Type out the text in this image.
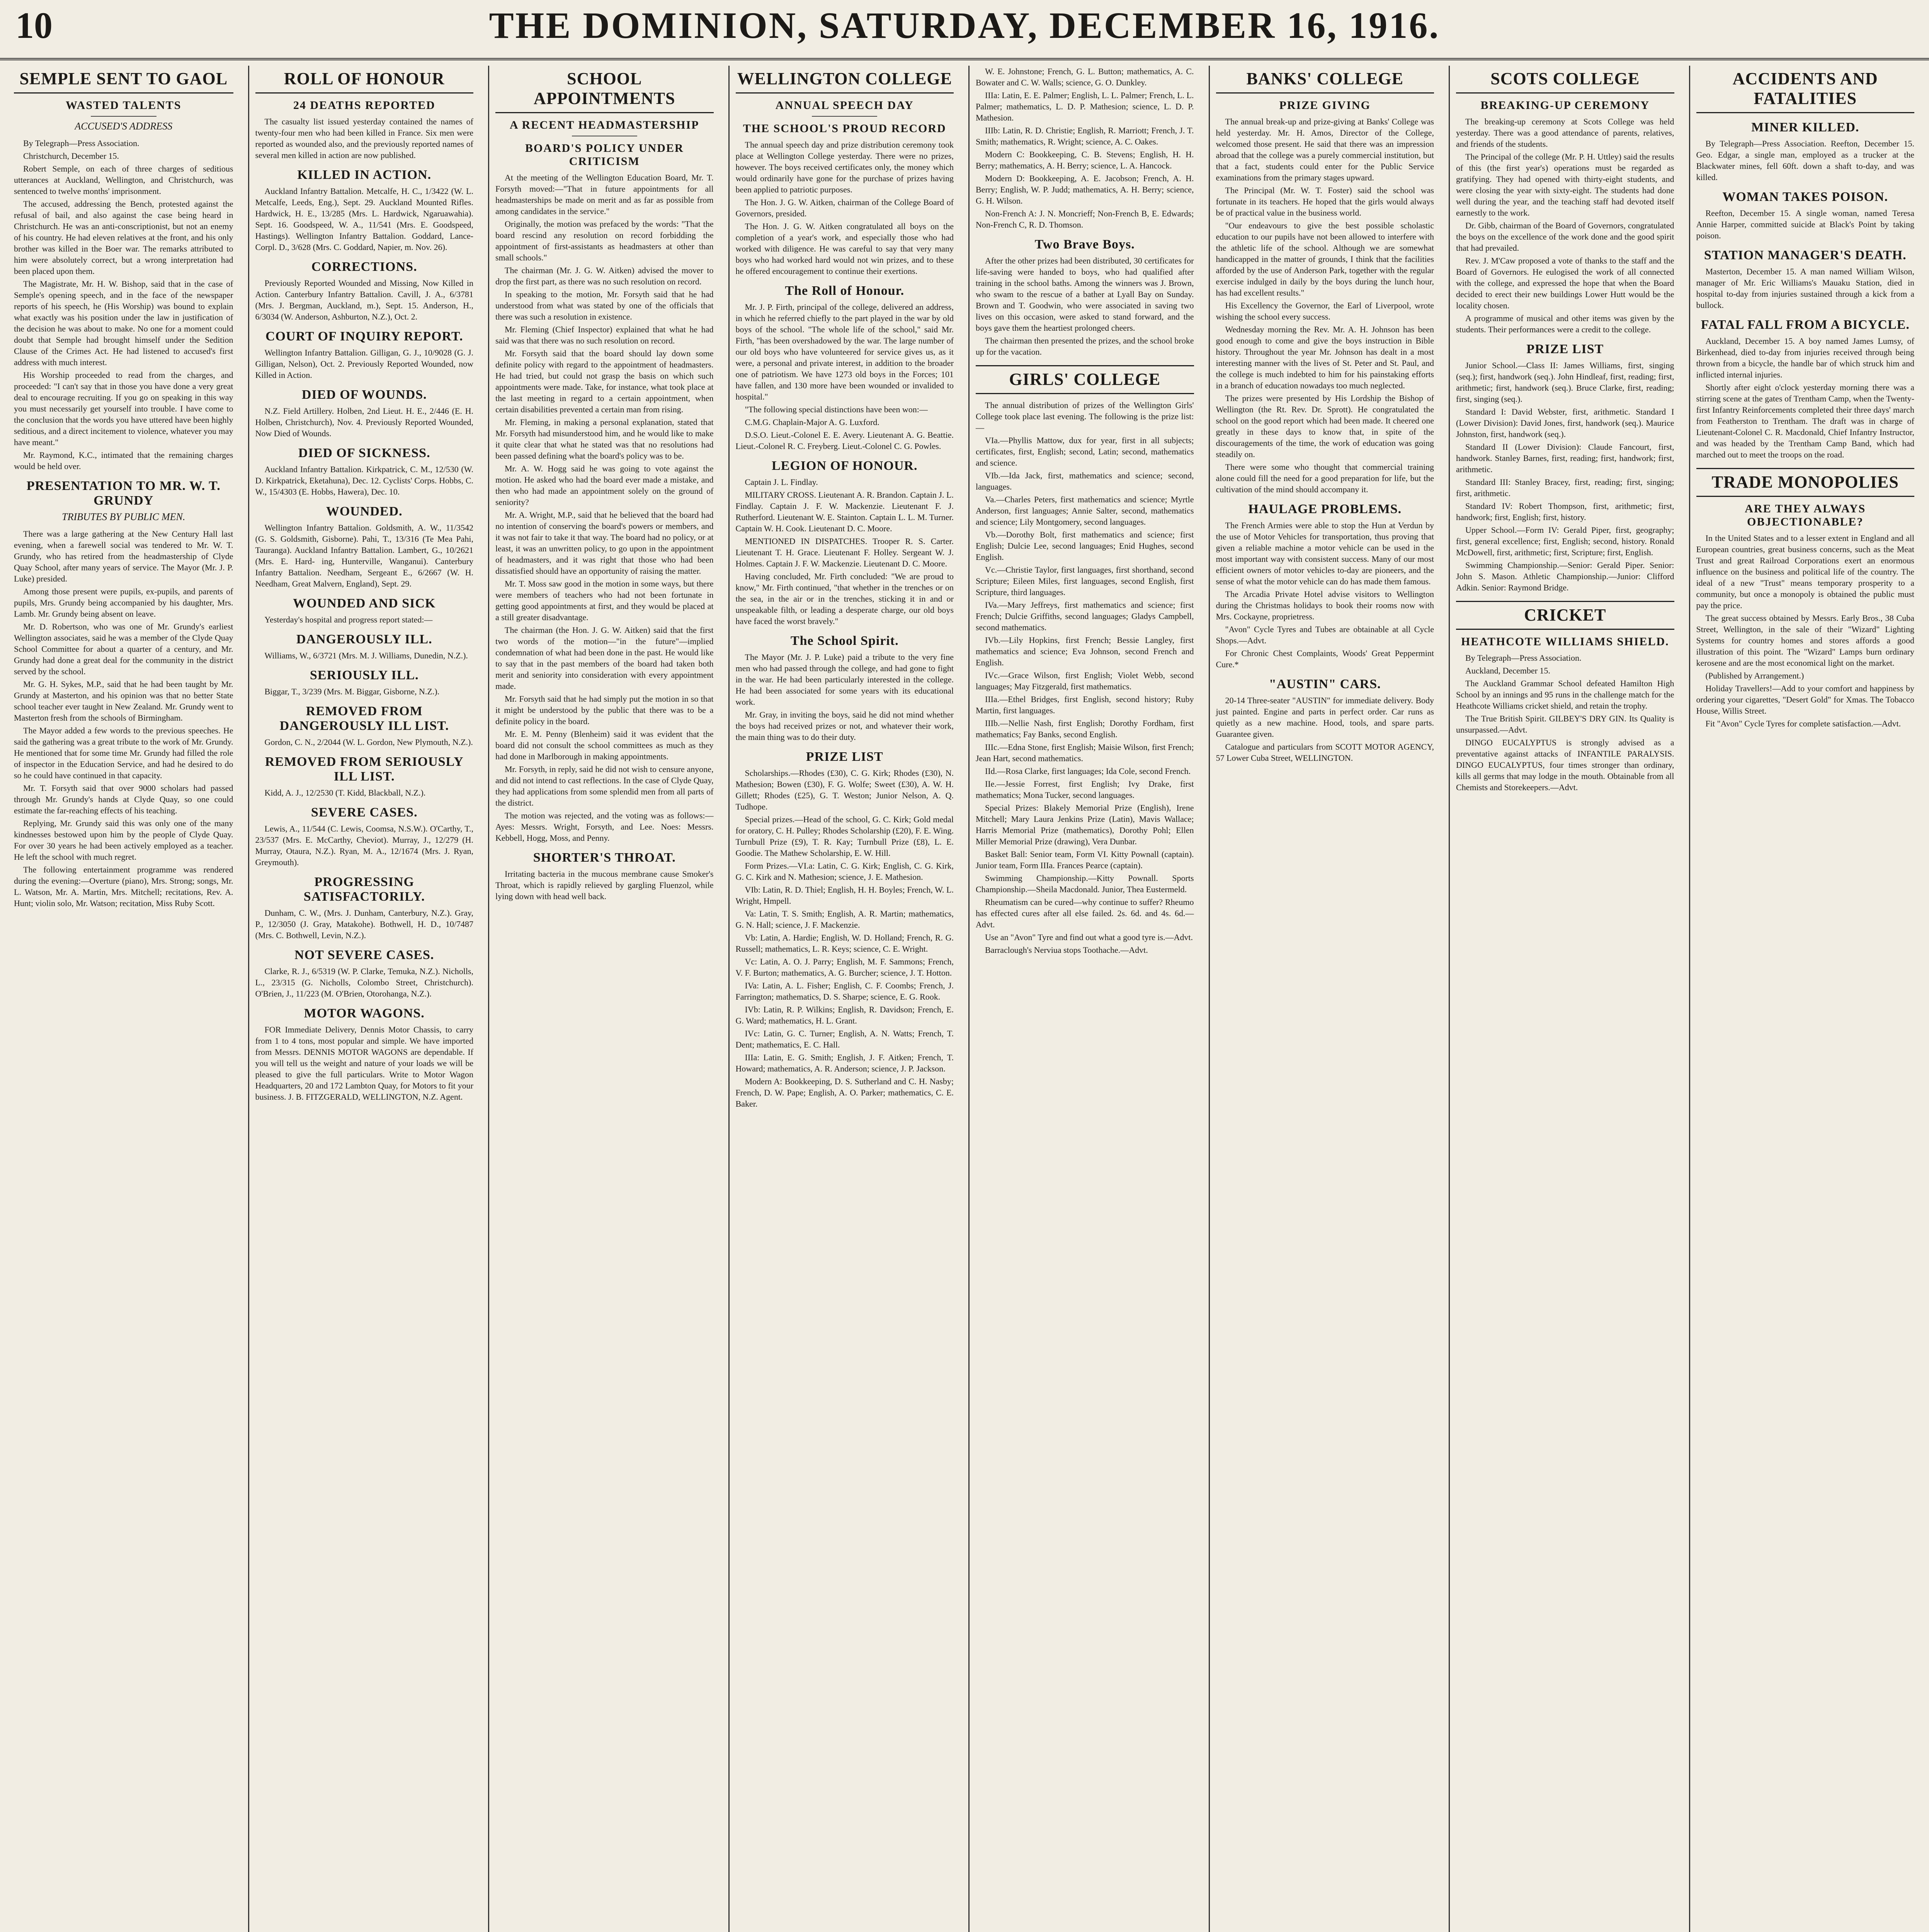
10	THE DOMINION, SATURDAY, DECEMBER 16, 1916.
SEMPLE SENT TO GAOL
WASTED TALENTS
ACCUSED'S ADDRESS

By Telegraph—Press Association.

Christchurch, December 15.

Robert Semple, on each of three charges of seditious utterances at Auckland, Wellington, and Christchurch, was sentenced to twelve months' imprisonment.

The accused, addressing the Bench, protested against the refusal of bail, and also against the case being heard in Christchurch. He was an anti-conscriptionist, but not an enemy of his country. He had eleven relatives at the front, and his only brother was killed in the Boer war. The remarks attributed to him were absolutely correct, but a wrong interpretation had been placed upon them.

The Magistrate, Mr. H. W. Bishop, said that in the case of Semple's opening speech, and in the face of the newspaper reports of his speech, he (His Worship) was bound to explain what exactly was his position under the law in justification of the decision he was about to make. No one for a moment could doubt that Semple had brought himself under the Sedition Clause of the Crimes Act. He had listened to accused's first address with much interest.

His Worship proceeded to read from the charges, and proceeded: "I can't say that in those you have done a very great deal to encourage recruiting. If you go on speaking in this way you must necessarily get yourself into trouble. I have come to the conclusion that the words you have uttered have been highly seditious, and a direct incitement to violence, whatever you may have meant."

Mr. Raymond, K.C., intimated that the remaining charges would be held over.

PRESENTATION TO MR. W. T. GRUNDY
TRIBUTES BY PUBLIC MEN.

There was a large gathering at the New Century Hall last evening, when a farewell social was tendered to Mr. W. T. Grundy, who has retired from the headmastership of Clyde Quay School, after many years of service. The Mayor (Mr. J. P. Luke) presided.

Among those present were pupils, ex-pupils, and parents of pupils, Mrs. Grundy being accompanied by his daughter, Mrs. Lamb. Mr. Grundy being absent on leave.

Mr. D. Robertson, who was one of Mr. Grundy's earliest Wellington associates, said he was a member of the Clyde Quay School Committee for about a quarter of a century, and Mr. Grundy had done a great deal for the community in the district served by the school.

Mr. G. H. Sykes, M.P., said that he had been taught by Mr. Grundy at Masterton, and his opinion was that no better State school teacher ever taught in New Zealand. Mr. Grundy went to Masterton fresh from the schools of Birmingham.

The Mayor added a few words to the previous speeches. He said the gathering was a great tribute to the work of Mr. Grundy. He mentioned that for some time Mr. Grundy had filled the role of inspector in the Education Service, and had he desired to do so he could have continued in that capacity.

Mr. T. Forsyth said that over 9000 scholars had passed through Mr. Grundy's hands at Clyde Quay, so one could estimate the far-reaching effects of his teaching.

Replying, Mr. Grundy said this was only one of the many kindnesses bestowed upon him by the people of Clyde Quay. For over 30 years he had been actively employed as a teacher. He left the school with much regret.

The following entertainment programme was rendered during the evening:—Overture (piano), Mrs. Strong; songs, Mr. L. Watson, Mr. A. Martin, Mrs. Mitchell; recitations, Rev. A. Hunt; violin solo, Mr. Watson; recitation, Miss Ruby Scott.

ROLL OF HONOUR
24 DEATHS REPORTED

The casualty list issued yesterday contained the names of twenty-four men who had been killed in France. Six men were reported as wounded also, and the previously reported names of several men killed in action are now published.

KILLED IN ACTION.

Auckland Infantry Battalion. Metcalfe, H. C., 1/3422 (W. L. Metcalfe, Leeds, Eng.), Sept. 29. Auckland Mounted Rifles. Hardwick, H. E., 13/285 (Mrs. L. Hardwick, Ngaruawahia). Sept. 16. Goodspeed, W. A., 11/541 (Mrs. E. Goodspeed, Hastings). Wellington Infantry Battalion. Goddard, Lance-Corpl. D., 3/628 (Mrs. C. Goddard, Napier, m. Nov. 26).

CORRECTIONS.

Previously Reported Wounded and Missing, Now Killed in Action. Canterbury Infantry Battalion. Cavill, J. A., 6/3781 (Mrs. J. Bergman, Auckland, m.), Sept. 15. Anderson, H., 6/3034 (W. Anderson, Ashburton, N.Z.), Oct. 2.

COURT OF INQUIRY REPORT.

Wellington Infantry Battalion. Gilligan, G. J., 10/9028 (G. J. Gilligan, Nelson), Oct. 2. Previously Reported Wounded, now Killed in Action.

DIED OF WOUNDS.

N.Z. Field Artillery. Holben, 2nd Lieut. H. E., 2/446 (E. H. Holben, Christchurch), Nov. 4. Previously Reported Wounded, Now Died of Wounds.

DIED OF SICKNESS.

Auckland Infantry Battalion. Kirkpatrick, C. M., 12/530 (W. D. Kirkpatrick, Eketahuna), Dec. 12. Cyclists' Corps. Hobbs, C. W., 15/4303 (E. Hobbs, Hawera), Dec. 10.

WOUNDED.

Wellington Infantry Battalion. Goldsmith, A. W., 11/3542 (G. S. Goldsmith, Gisborne). Pahi, T., 13/316 (Te Mea Pahi, Tauranga). Auckland Infantry Battalion. Lambert, G., 10/2621 (Mrs. E. Hard- ing, Hunterville, Wanganui). Canterbury Infantry Battalion. Needham, Sergeant E., 6/2667 (W. H. Needham, Great Malvern, England), Sept. 29.

WOUNDED AND SICK

Yesterday's hospital and progress report stated:—

DANGEROUSLY ILL.

Williams, W., 6/3721 (Mrs. M. J. Williams, Dunedin, N.Z.).

SERIOUSLY ILL.

Biggar, T., 3/239 (Mrs. M. Biggar, Gisborne, N.Z.).

REMOVED FROM DANGEROUSLY ILL LIST.

Gordon, C. N., 2/2044 (W. L. Gordon, New Plymouth, N.Z.).

REMOVED FROM SERIOUSLY ILL LIST.

Kidd, A. J., 12/2530 (T. Kidd, Blackball, N.Z.).

SEVERE CASES.

Lewis, A., 11/544 (C. Lewis, Coomsa, N.S.W.). O'Carthy, T., 23/537 (Mrs. E. McCarthy, Cheviot). Murray, J., 12/279 (H. Murray, Otaura, N.Z.). Ryan, M. A., 12/1674 (Mrs. J. Ryan, Greymouth).

PROGRESSING SATISFACTORILY.

Dunham, C. W., (Mrs. J. Dunham, Canterbury, N.Z.). Gray, P., 12/3050 (J. Gray, Matakohe). Bothwell, H. D., 10/7487 (Mrs. C. Bothwell, Levin, N.Z.).

NOT SEVERE CASES.

Clarke, R. J., 6/5319 (W. P. Clarke, Temuka, N.Z.). Nicholls, L., 23/315 (G. Nicholls, Colombo Street, Christchurch). O'Brien, J., 11/223 (M. O'Brien, Otorohanga, N.Z.).

MOTOR WAGONS.

FOR Immediate Delivery, Dennis Motor Chassis, to carry from 1 to 4 tons, most popular and simple. We have imported from Messrs. DENNIS MOTOR WAGONS are dependable. If you will tell us the weight and nature of your loads we will be pleased to give the full particulars. Write to Motor Wagon Headquarters, 20 and 172 Lambton Quay, for Motors to fit your business. J. B. FITZGERALD, WELLINGTON, N.Z. Agent.

SCHOOL APPOINTMENTS
A RECENT HEADMASTERSHIP
BOARD'S POLICY UNDER CRITICISM

At the meeting of the Wellington Education Board, Mr. T. Forsyth moved:—"That in future appointments for all headmasterships be made on merit and as far as possible from among candidates in the service."

Originally, the motion was prefaced by the words: "That the board rescind any resolution on record forbidding the appointment of first-assistants as headmasters at other than small schools."

The chairman (Mr. J. G. W. Aitken) advised the mover to drop the first part, as there was no such resolution on record.

In speaking to the motion, Mr. Forsyth said that he had understood from what was stated by one of the officials that there was such a resolution in existence.

Mr. Fleming (Chief Inspector) explained that what he had said was that there was no such resolution on record.

Mr. Forsyth said that the board should lay down some definite policy with regard to the appointment of headmasters. He had tried, but could not grasp the basis on which such appointments were made. Take, for instance, what took place at the last meeting in regard to a certain appointment, when certain disabilities prevented a certain man from rising.

Mr. Fleming, in making a personal explanation, stated that Mr. Forsyth had misunderstood him, and he would like to make it quite clear that what he stated was that no resolutions had been passed defining what the board's policy was to be.

Mr. A. W. Hogg said he was going to vote against the motion. He asked who had the board ever made a mistake, and then who had made an appointment solely on the ground of seniority?

Mr. A. Wright, M.P., said that he believed that the board had no intention of conserving the board's powers or members, and it was not fair to take it that way. The board had no policy, or at least, it was an unwritten policy, to go upon in the appointment of headmasters, and it was right that those who had been dissatisfied should have an opportunity of raising the matter.

Mr. T. Moss saw good in the motion in some ways, but there were members of teachers who had not been fortunate in getting good appointments at first, and they would be placed at a still greater disadvantage.

The chairman (the Hon. J. G. W. Aitken) said that the first two words of the motion—"in the future"—implied condemnation of what had been done in the past. He would like to say that in the past members of the board had taken both merit and seniority into consideration with every appointment made.

Mr. Forsyth said that he had simply put the motion in so that it might be understood by the public that there was to be a definite policy in the board.

Mr. E. M. Penny (Blenheim) said it was evident that the board did not consult the school committees as much as they had done in Marlborough in making appointments.

Mr. Forsyth, in reply, said he did not wish to censure anyone, and did not intend to cast reflections. In the case of Clyde Quay, they had applications from some splendid men from all parts of the district.

The motion was rejected, and the voting was as follows:—Ayes: Messrs. Wright, Forsyth, and Lee. Noes: Messrs. Kebbell, Hogg, Moss, and Penny.

SHORTER'S THROAT.

Irritating bacteria in the mucous membrane cause Smoker's Throat, which is rapidly relieved by gargling Fluenzol, while lying down with head well back.

WELLINGTON COLLEGE
ANNUAL SPEECH DAY
THE SCHOOL'S PROUD RECORD

The annual speech day and prize distribution ceremony took place at Wellington College yesterday. There were no prizes, however. The boys received certificates only, the money which would ordinarily have gone for the purchase of prizes having been applied to patriotic purposes.

The Hon. J. G. W. Aitken, chairman of the College Board of Governors, presided.

The Hon. J. G. W. Aitken congratulated all boys on the completion of a year's work, and especially those who had worked with diligence. He was careful to say that very many boys who had worked hard would not win prizes, and to these he offered encouragement to continue their exertions.

The Roll of Honour.

Mr. J. P. Firth, principal of the college, delivered an address, in which he referred chiefly to the part played in the war by old boys of the school. "The whole life of the school," said Mr. Firth, "has been overshadowed by the war. The large number of our old boys who have volunteered for service gives us, as it were, a personal and private interest, in addition to the broader one of patriotism. We have 1273 old boys in the Forces; 101 have fallen, and 130 more have been wounded or invalided to hospital."

"The following special distinctions have been won:—

C.M.G. Chaplain-Major A. G. Luxford.

D.S.O. Lieut.-Colonel E. E. Avery. Lieutenant A. G. Beattie. Lieut.-Colonel R. C. Freyberg. Lieut.-Colonel C. G. Powles.

LEGION OF HONOUR.

Captain J. L. Findlay.

MILITARY CROSS. Lieutenant A. R. Brandon. Captain J. L. Findlay. Captain J. F. W. Mackenzie. Lieutenant F. J. Rutherford. Lieutenant W. E. Stainton. Captain L. L. M. Turner. Captain W. H. Cook. Lieutenant D. C. Moore.

MENTIONED IN DISPATCHES. Trooper R. S. Carter. Lieutenant T. H. Grace. Lieutenant F. Holley. Sergeant W. J. Holmes. Captain J. F. W. Mackenzie. Lieutenant D. C. Moore.

Having concluded, Mr. Firth concluded: "We are proud to know," Mr. Firth continued, "that whether in the trenches or on the sea, in the air or in the trenches, sticking it in and or unspeakable filth, or leading a desperate charge, our old boys have faced the worst bravely."

The School Spirit.

The Mayor (Mr. J. P. Luke) paid a tribute to the very fine men who had passed through the college, and had gone to fight in the war. He had been particularly interested in the college. He had been associated for some years with its educational work.

Mr. Gray, in inviting the boys, said he did not mind whether the boys had received prizes or not, and whatever their work, the main thing was to do their duty.

PRIZE LIST

Scholarships.—Rhodes (£30), C. G. Kirk; Rhodes (£30), N. Mathesion; Bowen (£30), F. G. Wolfe; Sweet (£30), A. W. H. Gillett; Rhodes (£25), G. T. Weston; Junior Nelson, A. Q. Tudhope.

Special prizes.—Head of the school, G. C. Kirk; Gold medal for oratory, C. H. Pulley; Rhodes Scholarship (£20), F. E. Wing. Turnbull Prize (£9), T. R. Kay; Turnbull Prize (£8), L. E. Goodie. The Mathew Scholarship, E. W. Hill.

Form Prizes.—VI.a: Latin, C. G. Kirk; English, C. G. Kirk, G. C. Kirk and N. Mathesion; science, J. E. Mathesion.

VIb: Latin, R. D. Thiel; English, H. H. Boyles; French, W. L. Wright, Hmpell.

Va: Latin, T. S. Smith; English, A. R. Martin; mathematics, G. N. Hall; science, J. F. Mackenzie.

Vb: Latin, A. Hardie; English, W. D. Holland; French, R. G. Russell; mathematics, L. R. Keys; science, C. E. Wright.

Vc: Latin, A. O. J. Parry; English, M. F. Sammons; French, V. F. Burton; mathematics, A. G. Burcher; science, J. T. Hotton.

IVa: Latin, A. L. Fisher; English, C. F. Coombs; French, J. Farrington; mathematics, D. S. Sharpe; science, E. G. Rook.

IVb: Latin, R. P. Wilkins; English, R. Davidson; French, E. G. Ward; mathematics, H. L. Grant.

IVc: Latin, G. C. Turner; English, A. N. Watts; French, T. Dent; mathematics, E. C. Hall.

IIIa: Latin, E. G. Smith; English, J. F. Aitken; French, T. Howard; mathematics, A. R. Anderson; science, J. P. Jackson.

Modern A: Bookkeeping, D. S. Sutherland and C. H. Nasby; French, D. W. Pape; English, A. O. Parker; mathematics, C. E. Baker.

W. E. Johnstone; French, G. L. Button; mathematics, A. C. Bowater and C. W. Walls; science, G. O. Dunkley.

IIIa: Latin, E. E. Palmer; English, L. L. Palmer; French, L. L. Palmer; mathematics, L. D. P. Mathesion; science, L. D. P. Mathesion.

IIIb: Latin, R. D. Christie; English, R. Marriott; French, J. T. Smith; mathematics, R. Wright; science, A. C. Oakes.

Modern C: Bookkeeping, C. B. Stevens; English, H. H. Berry; mathematics, A. H. Berry; science, L. A. Hancock.

Modern D: Bookkeeping, A. E. Jacobson; French, A. H. Berry; English, W. P. Judd; mathematics, A. H. Berry; science, G. H. Wilson.

Non-French A: J. N. Moncrieff; Non-French B, E. Edwards; Non-French C, R. D. Thomson.

Two Brave Boys.

After the other prizes had been distributed, 30 certificates for life-saving were handed to boys, who had qualified after training in the school baths. Among the winners was J. Brown, who swam to the rescue of a bather at Lyall Bay on Sunday. Brown and T. Goodwin, who were associated in saving two lives on this occasion, were asked to stand forward, and the boys gave them the heartiest prolonged cheers.

The chairman then presented the prizes, and the school broke up for the vacation.

GIRLS' COLLEGE

The annual distribution of prizes of the Wellington Girls' College took place last evening. The following is the prize list:—

VIa.—Phyllis Mattow, dux for year, first in all subjects; certificates, first, English; second, Latin; second, mathematics and science.

VIb.—Ida Jack, first, mathematics and science; second, languages.

Va.—Charles Peters, first mathematics and science; Myrtle Anderson, first languages; Annie Salter, second, mathematics and science; Lily Montgomery, second languages.

Vb.—Dorothy Bolt, first mathematics and science; first English; Dulcie Lee, second languages; Enid Hughes, second English.

Vc.—Christie Taylor, first languages, first shorthand, second Scripture; Eileen Miles, first languages, second English, first Scripture, third languages.

IVa.—Mary Jeffreys, first mathematics and science; first French; Dulcie Griffiths, second languages; Gladys Campbell, second mathematics.

IVb.—Lily Hopkins, first French; Bessie Langley, first mathematics and science; Eva Johnson, second French and English.

IVc.—Grace Wilson, first English; Violet Webb, second languages; May Fitzgerald, first mathematics.

IIIa.—Ethel Bridges, first English, second history; Ruby Martin, first languages.

IIIb.—Nellie Nash, first English; Dorothy Fordham, first mathematics; Fay Banks, second English.

IIIc.—Edna Stone, first English; Maisie Wilson, first French; Jean Hart, second mathematics.

IId.—Rosa Clarke, first languages; Ida Cole, second French.

IIe.—Jessie Forrest, first English; Ivy Drake, first mathematics; Mona Tucker, second languages.

Special Prizes: Blakely Memorial Prize (English), Irene Mitchell; Mary Laura Jenkins Prize (Latin), Mavis Wallace; Harris Memorial Prize (mathematics), Dorothy Pohl; Ellen Miller Memorial Prize (drawing), Vera Dunbar.

Basket Ball: Senior team, Form VI. Kitty Pownall (captain). Junior team, Form IIIa. Frances Pearce (captain).

Swimming Championship.—Kitty Pownall. Sports Championship.—Sheila Macdonald. Junior, Thea Eustermeld.

Rheumatism can be cured—why continue to suffer? Rheumo has effected cures after all else failed. 2s. 6d. and 4s. 6d.—Advt.

Use an "Avon" Tyre and find out what a good tyre is.—Advt.

Barraclough's Nerviua stops Toothache.—Advt.

BANKS' COLLEGE
PRIZE GIVING

The annual break-up and prize-giving at Banks' College was held yesterday. Mr. H. Amos, Director of the College, welcomed those present. He said that there was an impression abroad that the college was a purely commercial institution, but that a fact, students could enter for the Public Service examinations from the primary stages upward.

The Principal (Mr. W. T. Foster) said the school was fortunate in its teachers. He hoped that the girls would always be of practical value in the business world.

"Our endeavours to give the best possible scholastic education to our pupils have not been allowed to interfere with the athletic life of the school. Although we are somewhat handicapped in the matter of grounds, I think that the facilities afforded by the use of Anderson Park, together with the regular exercise indulged in daily by the boys during the lunch hour, has had excellent results."

His Excellency the Governor, the Earl of Liverpool, wrote wishing the school every success.

Wednesday morning the Rev. Mr. A. H. Johnson has been good enough to come and give the boys instruction in Bible history. Throughout the year Mr. Johnson has dealt in a most interesting manner with the lives of St. Peter and St. Paul, and the college is much indebted to him for his painstaking efforts in a branch of education nowadays too much neglected.

The prizes were presented by His Lordship the Bishop of Wellington (the Rt. Rev. Dr. Sprott). He congratulated the school on the good report which had been made. It cheered one greatly in these days to know that, in spite of the discouragements of the time, the work of education was going steadily on.

There were some who thought that commercial training alone could fill the need for a good preparation for life, but the cultivation of the mind should accompany it.

HAULAGE PROBLEMS.

The French Armies were able to stop the Hun at Verdun by the use of Motor Vehicles for transportation, thus proving that given a reliable machine a motor vehicle can be used in the most important way with consistent success. Many of our most efficient owners of motor vehicles to-day are pioneers, and the sense of what the motor vehicle can do has made them famous.

The Arcadia Private Hotel advise visitors to Wellington during the Christmas holidays to book their rooms now with Mrs. Cockayne, proprietress.

"Avon" Cycle Tyres and Tubes are obtainable at all Cycle Shops.—Advt.

For Chronic Chest Complaints, Woods' Great Peppermint Cure.*

"AUSTIN" CARS.

20-14 Three-seater "AUSTIN" for immediate delivery. Body just painted. Engine and parts in perfect order. Car runs as quietly as a new machine. Hood, tools, and spare parts. Guarantee given.

Catalogue and particulars from SCOTT MOTOR AGENCY, 57 Lower Cuba Street, WELLINGTON.

SCOTS COLLEGE
BREAKING-UP CEREMONY

The breaking-up ceremony at Scots College was held yesterday. There was a good attendance of parents, relatives, and friends of the students.

The Principal of the college (Mr. P. H. Uttley) said the results of this (the first year's) operations must be regarded as gratifying. They had opened with thirty-eight students, and were closing the year with sixty-eight. The students had done well during the year, and the teaching staff had devoted itself earnestly to the work.

Dr. Gibb, chairman of the Board of Governors, congratulated the boys on the excellence of the work done and the good spirit that had prevailed.

Rev. J. M'Caw proposed a vote of thanks to the staff and the Board of Governors. He eulogised the work of all connected with the college, and expressed the hope that when the Board decided to erect their new buildings Lower Hutt would be the locality chosen.

A programme of musical and other items was given by the students. Their performances were a credit to the college.

PRIZE LIST

Junior School.—Class II: James Williams, first, singing (seq.); first, handwork (seq.). John Hindleaf, first, reading; first, arithmetic; first, handwork (seq.). Bruce Clarke, first, reading; first, singing (seq.).

Standard I: David Webster, first, arithmetic. Standard I (Lower Division): David Jones, first, handwork (seq.). Maurice Johnston, first, handwork (seq.).

Standard II (Lower Division): Claude Fancourt, first, handwork. Stanley Barnes, first, reading; first, handwork; first, arithmetic.

Standard III: Stanley Bracey, first, reading; first, singing; first, arithmetic.

Standard IV: Robert Thompson, first, arithmetic; first, handwork; first, English; first, history.

Upper School.—Form IV: Gerald Piper, first, geography; first, general excellence; first, English; second, history. Ronald McDowell, first, arithmetic; first, Scripture; first, English.

Swimming Championship.—Senior: Gerald Piper. Senior: John S. Mason. Athletic Championship.—Junior: Clifford Adkin. Senior: Raymond Bridge.

CRICKET
HEATHCOTE WILLIAMS SHIELD.

By Telegraph—Press Association.

Auckland, December 15.

The Auckland Grammar School defeated Hamilton High School by an innings and 95 runs in the challenge match for the Heathcote Williams cricket shield, and retain the trophy.

The True British Spirit. GILBEY'S DRY GIN. Its Quality is unsurpassed.—Advt.

DINGO EUCALYPTUS is strongly advised as a preventative against attacks of INFANTILE PARALYSIS. DINGO EUCALYPTUS, four times stronger than ordinary, kills all germs that may lodge in the mouth. Obtainable from all Chemists and Storekeepers.—Advt.

ACCIDENTS AND FATALITIES
MINER KILLED.

By Telegraph—Press Association. Reefton, December 15. Geo. Edgar, a single man, employed as a trucker at the Blackwater mines, fell 60ft. down a shaft to-day, and was killed.

WOMAN TAKES POISON.

Reefton, December 15. A single woman, named Teresa Annie Harper, committed suicide at Black's Point by taking poison.

STATION MANAGER'S DEATH.

Masterton, December 15. A man named William Wilson, manager of Mr. Eric Williams's Mauaku Station, died in hospital to-day from injuries sustained through a kick from a bullock.

FATAL FALL FROM A BICYCLE.

Auckland, December 15. A boy named James Lumsy, of Birkenhead, died to-day from injuries received through being thrown from a bicycle, the handle bar of which struck him and inflicted internal injuries.

Shortly after eight o'clock yesterday morning there was a stirring scene at the gates of Trentham Camp, when the Twenty-first Infantry Reinforcements completed their three days' march from Featherston to Trentham. The draft was in charge of Lieutenant-Colonel C. R. Macdonald, Chief Infantry Instructor, and was headed by the Trentham Camp Band, which had marched out to meet the troops on the road.

TRADE MONOPOLIES
ARE THEY ALWAYS OBJECTIONABLE?

In the United States and to a lesser extent in England and all European countries, great business concerns, such as the Meat Trust and great Railroad Corporations exert an enormous influence on the business and political life of the country. The ideal of a new "Trust" means temporary prosperity to a community, but once a monopoly is obtained the public must pay the price.

The great success obtained by Messrs. Early Bros., 38 Cuba Street, Wellington, in the sale of their "Wizard" Lighting Systems for country homes and stores affords a good illustration of this point. The "Wizard" Lamps burn ordinary kerosene and are the most economical light on the market.

(Published by Arrangement.)

Holiday Travellers!—Add to your comfort and happiness by ordering your cigarettes, "Desert Gold" for Xmas. The Tobacco House, Willis Street.

Fit "Avon" Cycle Tyres for complete satisfaction.—Advt.
